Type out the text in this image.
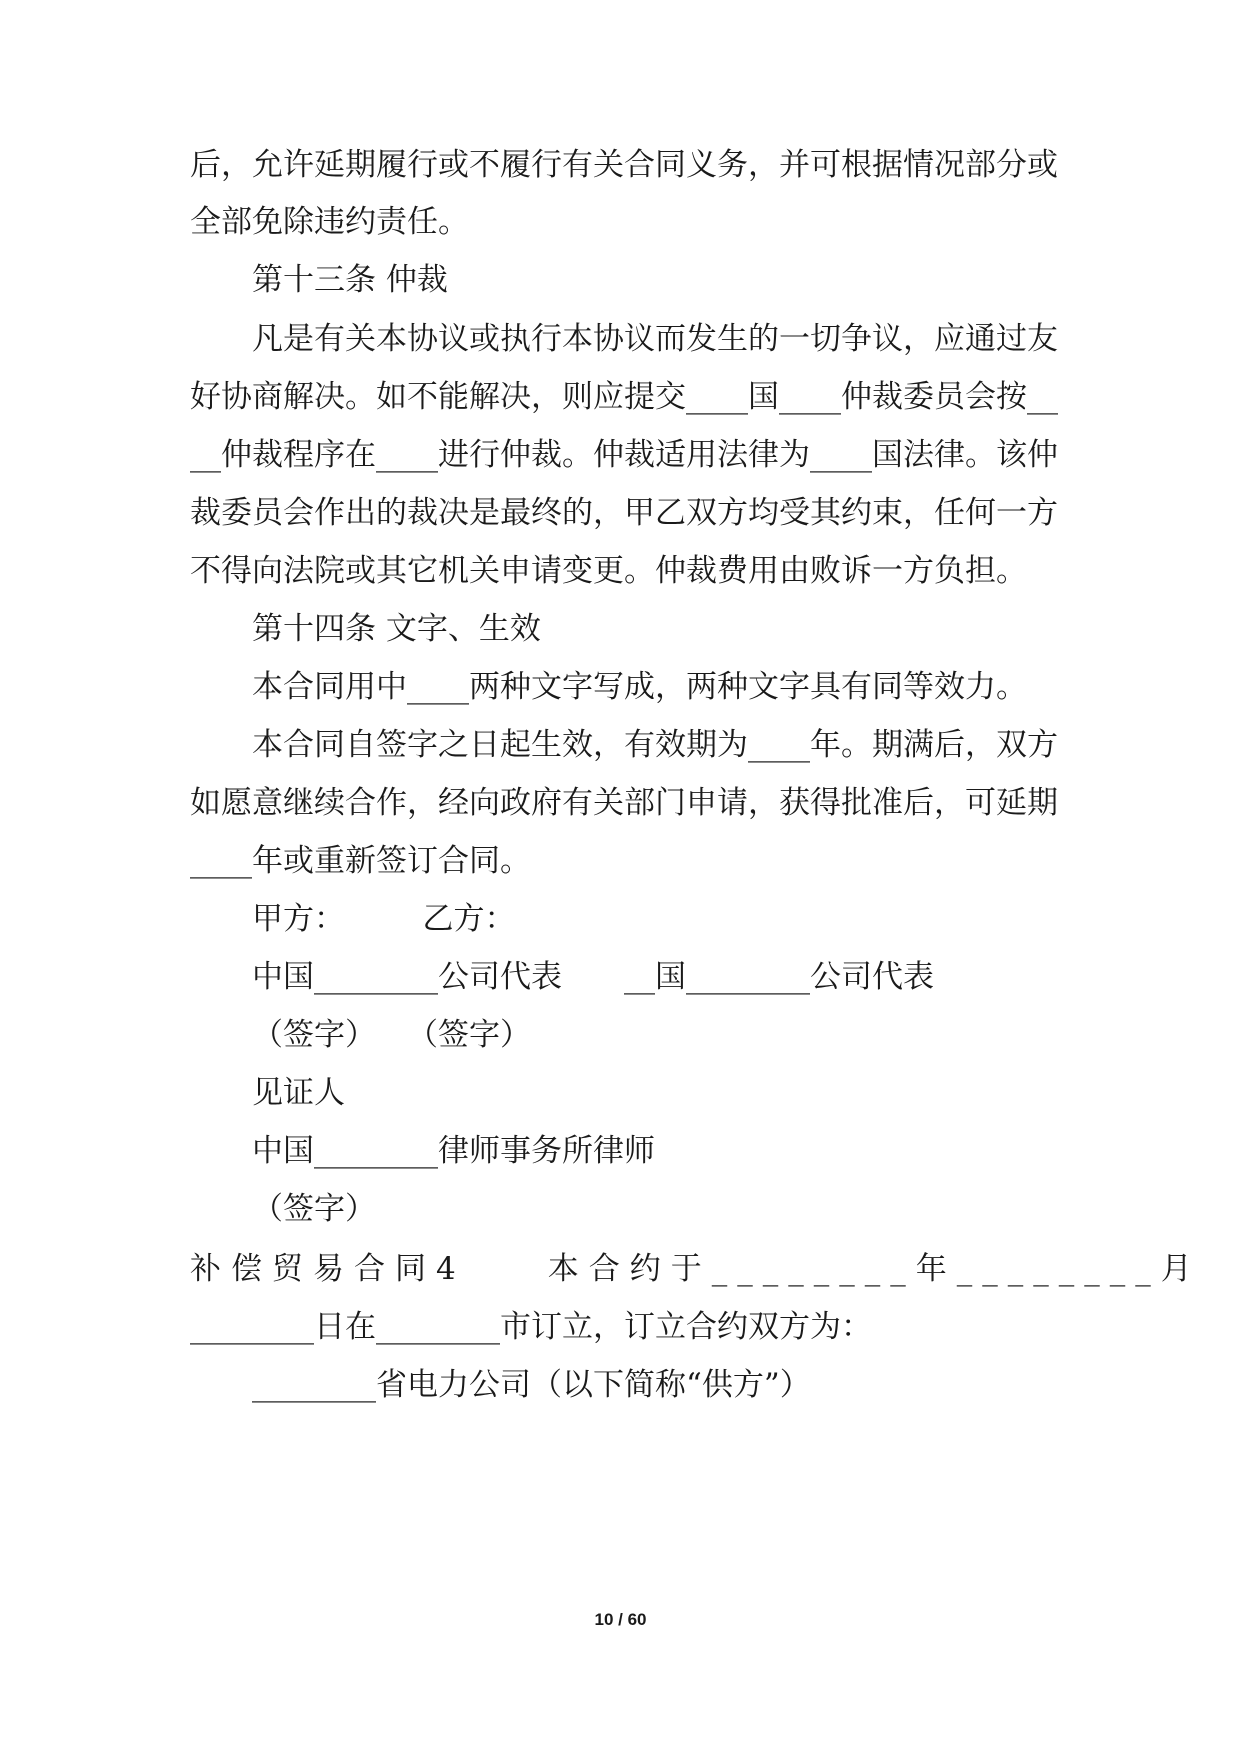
后，允许延期履行或不履行有关合同义务，并可根据情况部分或
全部免除违约责任。
第十三条 仲裁
凡是有关本协议或执行本协议而发生的一切争议，应通过友
好协商解决。如不能解决，则应提交____国____仲裁委员会按__
__仲裁程序在____进行仲裁。仲裁适用法律为____国法律。该仲
裁委员会作出的裁决是最终的，甲乙双方均受其约束，任何一方
不得向法院或其它机关申请变更。仲裁费用由败诉一方负担。
第十四条 文字、生效
本合同用中____两种文字写成，两种文字具有同等效力。
本合同自签字之日起生效，有效期为____年。期满后，双方
如愿意继续合作，经向政府有关部门申请，获得批准后，可延期
____年或重新签订合同。
甲方：　　　乙方：
中国________公司代表　　__国________公司代表
（签字）　　（签字）
见证人
中国________律师事务所律师
（签字）
补偿贸易合同4　　本合约于________年________月
________日在________市订立，订立合约双方为：
________省电力公司（以下简称“供方”）
10 / 60
